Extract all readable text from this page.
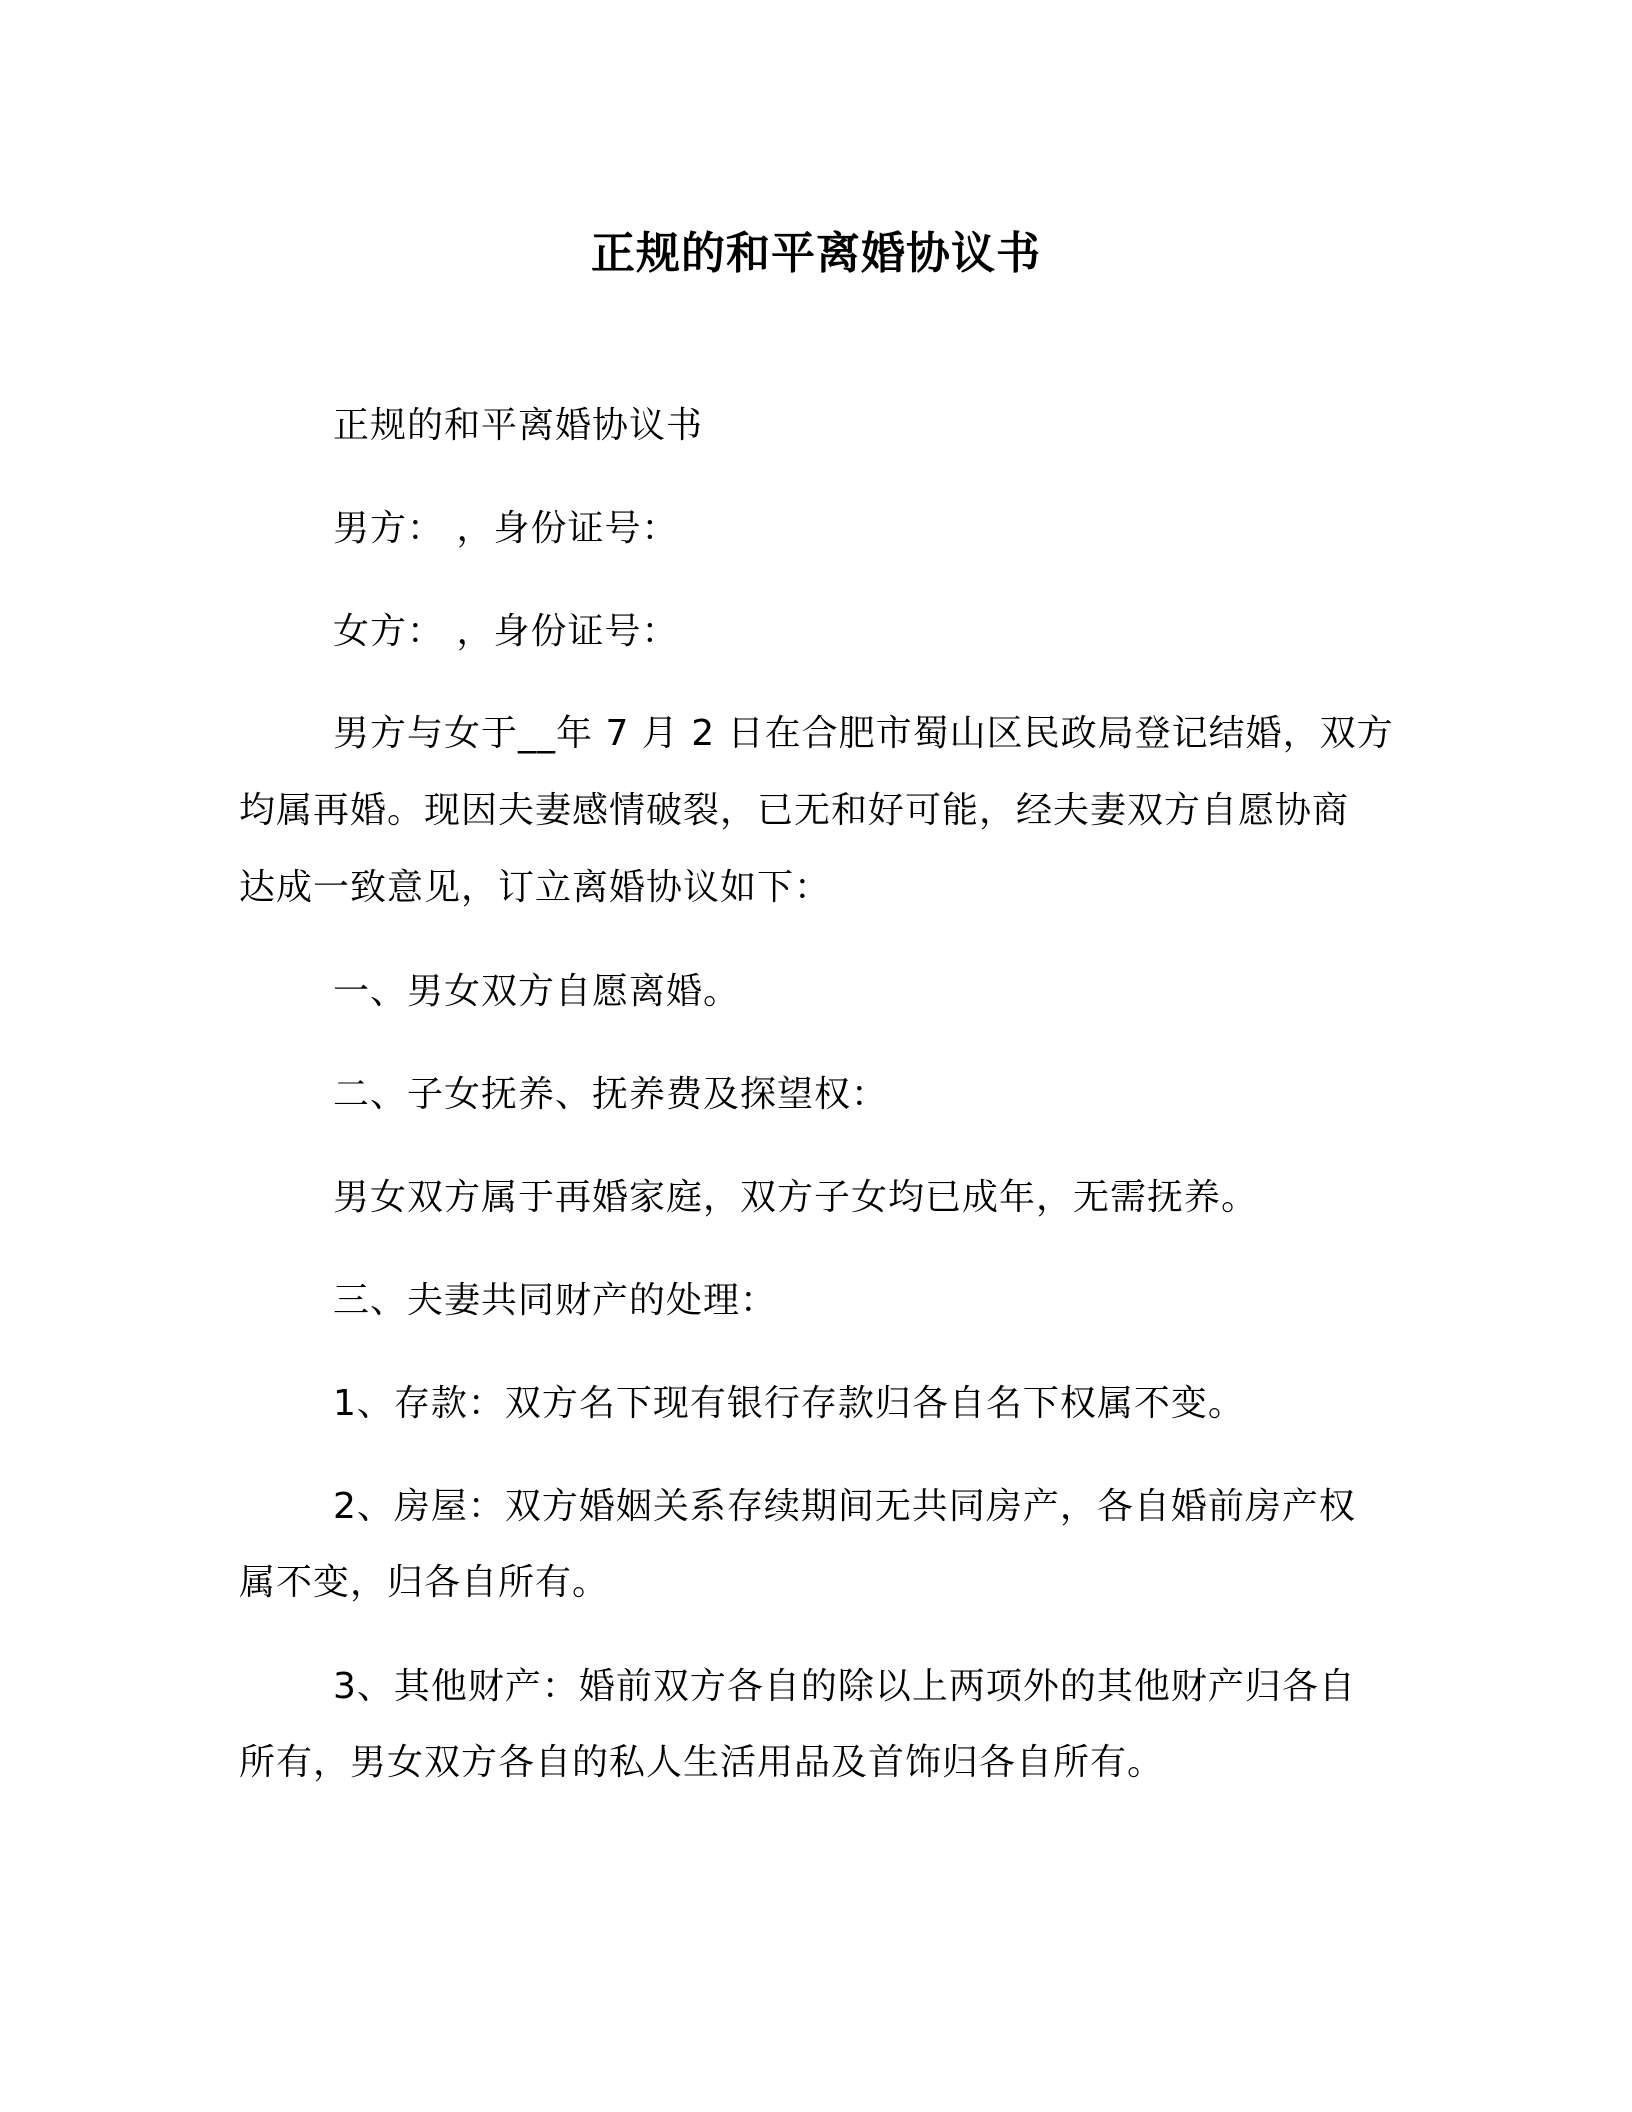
正规的和平离婚协议书
正规的和平离婚协议书
男方： ，身份证号：
女方： ，身份证号：
男方与女于__年 7 月 2 日在合肥市蜀山区民政局登记结婚，双方
均属再婚。现因夫妻感情破裂，已无和好可能，经夫妻双方自愿协商
达成一致意见，订立离婚协议如下：
一、男女双方自愿离婚。
二、子女抚养、抚养费及探望权：
男女双方属于再婚家庭，双方子女均已成年，无需抚养。
三、夫妻共同财产的处理：
1、存款：双方名下现有银行存款归各自名下权属不变。
2、房屋：双方婚姻关系存续期间无共同房产，各自婚前房产权
属不变，归各自所有。
3、其他财产：婚前双方各自的除以上两项外的其他财产归各自
所有，男女双方各自的私人生活用品及首饰归各自所有。
